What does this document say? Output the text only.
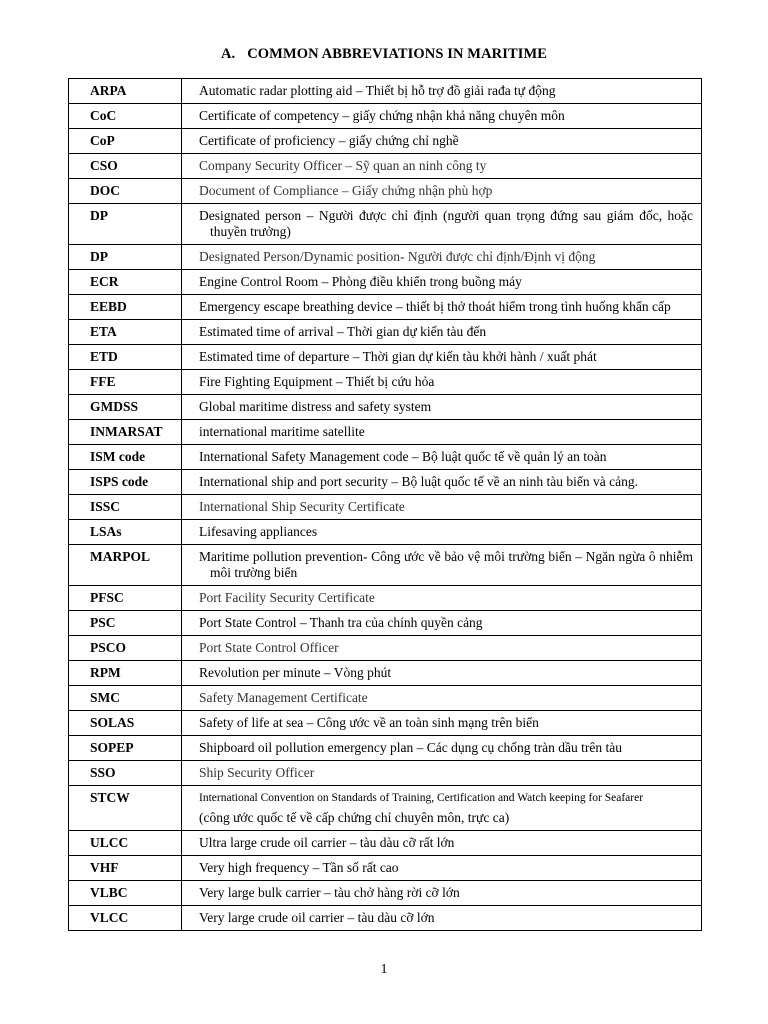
A. COMMON ABBREVIATIONS IN MARITIME
ARPA	Automatic radar plotting aid – Thiết bị hỗ trợ đồ giải rađa tự động
CoC	Certificate of competency – giấy chứng nhận khả năng chuyên môn
CoP	Certificate of proficiency – giấy chứng chỉ nghề
CSO	Company Security Officer – Sỹ quan an ninh công ty
DOC	Document of Compliance – Giấy chứng nhận phù hợp
DP	Designated person – Người được chỉ định (người quan trọng đứng sau giám đốc, hoặc thuyền trưởng)
DP	Designated Person/Dynamic position- Người được chỉ định/Định vị động
ECR	Engine Control Room – Phòng điều khiển trong buồng máy
EEBD	Emergency escape breathing device – thiết bị thở thoát hiểm trong tình huống khẩn cấp
ETA	Estimated time of arrival – Thời gian dự kiến tàu đến
ETD	Estimated time of departure – Thời gian dự kiến tàu khởi hành / xuất phát
FFE	Fire Fighting Equipment – Thiết bị cứu hỏa
GMDSS	Global maritime distress and safety system
INMARSAT	international maritime satellite
ISM code	International Safety Management code – Bộ luật quốc tế về quản lý an toàn
ISPS code	International ship and port security – Bộ luật quốc tế về an ninh tàu biển và cảng.
ISSC	International Ship Security Certificate
LSAs	Lifesaving appliances
MARPOL	Maritime pollution prevention- Công ước về bảo vệ môi trường biển – Ngăn ngừa ô nhiễm môi trường biển
PFSC	Port Facility Security Certificate
PSC	Port State Control – Thanh tra của chính quyền cảng
PSCO	Port State Control Officer
RPM	Revolution per minute – Vòng phút
SMC	Safety Management Certificate
SOLAS	Safety of life at sea – Công ước về an toàn sinh mạng trên biển
SOPEP	Shipboard oil pollution emergency plan – Các dụng cụ chống tràn dầu trên tàu
SSO	Ship Security Officer
STCW	International Convention on Standards of Training, Certification and Watch keeping for Seafarer
(công ước quốc tế về cấp chứng chỉ chuyên môn, trực ca)

ULCC	Ultra large crude oil carrier – tàu dàu cỡ rất lớn
VHF	Very high frequency – Tần số rất cao
VLBC	Very large bulk carrier – tàu chở hàng rời cỡ lớn
VLCC	Very large crude oil carrier – tàu dàu cỡ lớn
1
